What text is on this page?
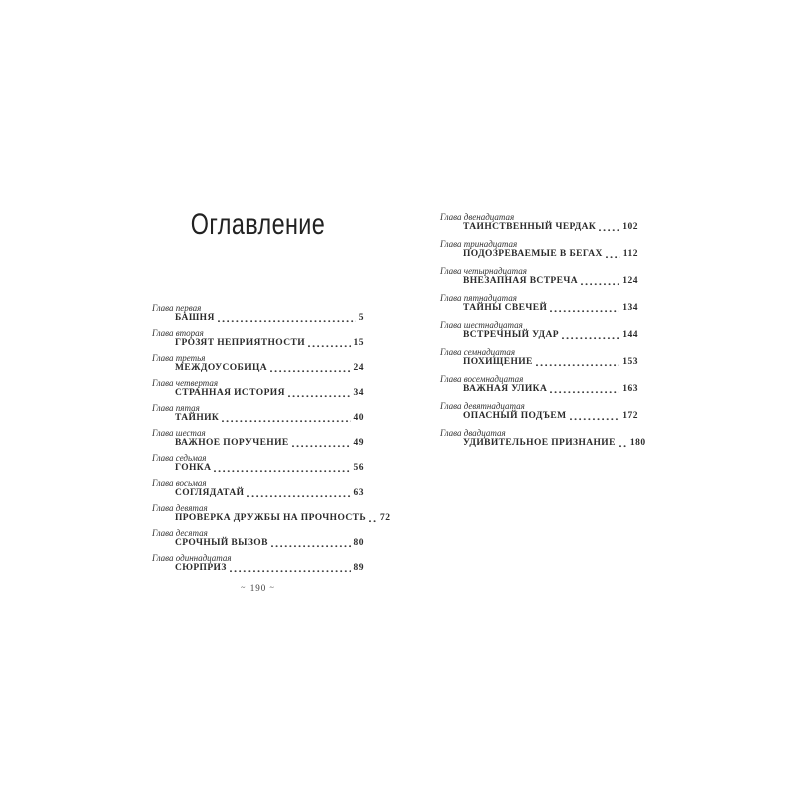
Оглавление
Глава первая
БАШНЯ	5
Глава вторая
ГРОЗЯТ НЕПРИЯТНОСТИ	15
Глава третья
МЕЖДОУСОБИЦА	24
Глава четвертая
СТРАННАЯ ИСТОРИЯ	34
Глава пятая
ТАЙНИК	40
Глава шестая
ВАЖНОЕ ПОРУЧЕНИЕ	49
Глава седьмая
ГОНКА	56
Глава восьмая
СОГЛЯДАТАЙ	63
Глава девятая
ПРОВЕРКА ДРУЖБЫ НА ПРОЧНОСТЬ 72
Глава десятая
СРОЧНЫЙ ВЫЗОВ	80
Глава одиннадцатая
СЮРПРИЗ	89
Глава двенадцатая
ТАИНСТВЕННЫЙ ЧЕРДАК	102
Глава тринадцатая
ПОДОЗРЕВАЕМЫЕ В БЕГАХ 112
Глава четырнадцатая
ВНЕЗАПНАЯ ВСТРЕЧА	124
Глава пятнадцатая
ТАЙНЫ СВЕЧЕЙ	134
Глава шестнадцатая
ВСТРЕЧНЫЙ УДАР	144
Глава семнадцатая
ПОХИЩЕНИЕ	153
Глава восемнадцатая
ВАЖНАЯ УЛИКА	163
Глава девятнадцатая
ОПАСНЫЙ ПОДЪЕМ	172
Глава двадцатая
УДИВИТЕЛЬНОЕ ПРИЗНАНИЕ 180
~ 190 ~
